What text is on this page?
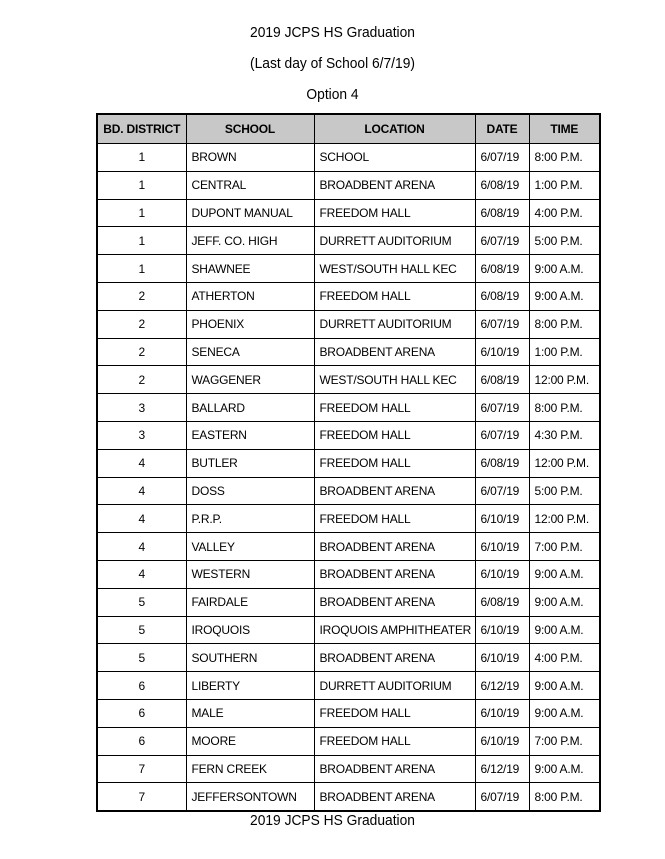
2019 JCPS HS Graduation
(Last day of School 6/7/19)
Option 4
BD. DISTRICT	SCHOOL	LOCATION	DATE	TIME
1	BROWN	SCHOOL	6/07/19	8:00 P.M.
1	CENTRAL	BROADBENT ARENA	6/08/19	1:00 P.M.
1	DUPONT MANUAL	FREEDOM HALL	6/08/19	4:00 P.M.
1	JEFF. CO. HIGH	DURRETT AUDITORIUM	6/07/19	5:00 P.M.
1	SHAWNEE	WEST/SOUTH HALL KEC	6/08/19	9:00 A.M.
2	ATHERTON	FREEDOM HALL	6/08/19	9:00 A.M.
2	PHOENIX	DURRETT AUDITORIUM	6/07/19	8:00 P.M.
2	SENECA	BROADBENT ARENA	6/10/19	1:00 P.M.
2	WAGGENER	WEST/SOUTH HALL KEC	6/08/19	12:00 P.M.
3	BALLARD	FREEDOM HALL	6/07/19	8:00 P.M.
3	EASTERN	FREEDOM HALL	6/07/19	4:30 P.M.
4	BUTLER	FREEDOM HALL	6/08/19	12:00 P.M.
4	DOSS	BROADBENT ARENA	6/07/19	5:00 P.M.
4	P.R.P.	FREEDOM HALL	6/10/19	12:00 P.M.
4	VALLEY	BROADBENT ARENA	6/10/19	7:00 P.M.
4	WESTERN	BROADBENT ARENA	6/10/19	9:00 A.M.
5	FAIRDALE	BROADBENT ARENA	6/08/19	9:00 A.M.
5	IROQUOIS	IROQUOIS AMPHITHEATER	6/10/19	9:00 A.M.
5	SOUTHERN	BROADBENT ARENA	6/10/19	4:00 P.M.
6	LIBERTY	DURRETT AUDITORIUM	6/12/19	9:00 A.M.
6	MALE	FREEDOM HALL	6/10/19	9:00 A.M.
6	MOORE	FREEDOM HALL	6/10/19	7:00 P.M.
7	FERN CREEK	BROADBENT ARENA	6/12/19	9:00 A.M.
7	JEFFERSONTOWN	BROADBENT ARENA	6/07/19	8:00 P.M.
2019 JCPS HS Graduation
